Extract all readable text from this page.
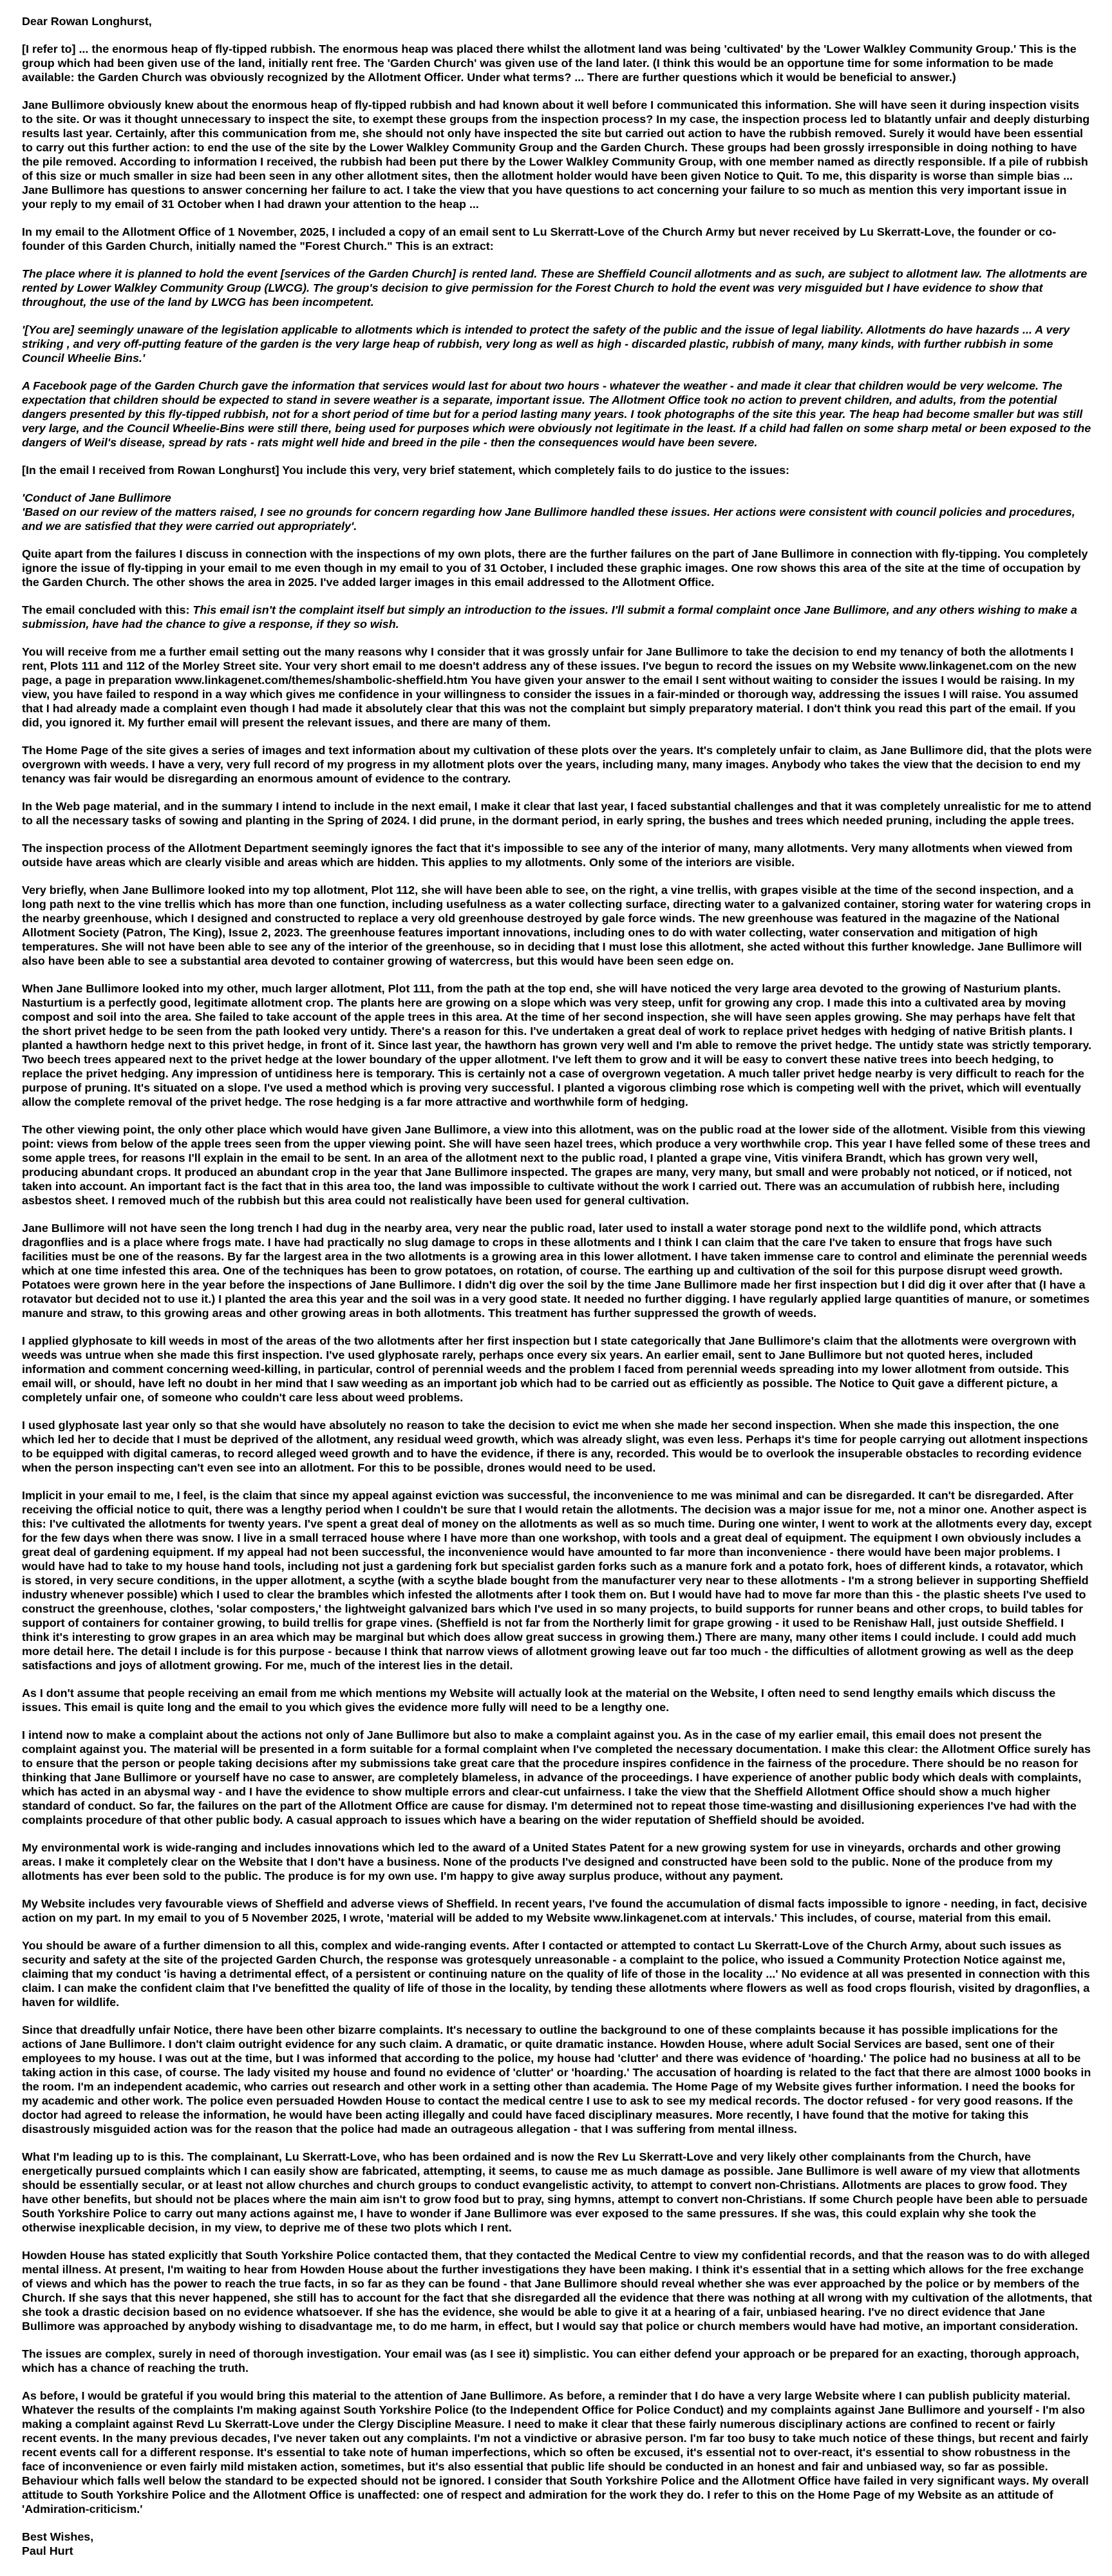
Dear Rowan Longhurst,

[I refer to] ... the enormous heap of fly-tipped rubbish. The enormous heap was placed there whilst the allotment land was being 'cultivated' by the 'Lower Walkley Community Group.' This is the group which had been given use of the land, initially rent free. The 'Garden Church' was given use of the land later. (I think this would be an opportune time for some information to be made available: the Garden Church was obviously recognized by the Allotment Officer. Under what terms? ... There are further questions which it would be beneficial to answer.)

Jane Bullimore obviously knew about the enormous heap of fly-tipped rubbish and had known about it well before I communicated this information. She will have seen it during inspection visits to the site. Or was it thought unnecessary to inspect the site, to exempt these groups from the inspection process? In my case, the inspection process led to blatantly unfair and deeply disturbing results last year. Certainly, after this communication from me, she should not only have inspected the site but carried out action to have the rubbish removed. Surely it would have been essential to carry out this further action: to end the use of the site by the Lower Walkley Community Group and the Garden Church. These groups had been grossly irresponsible in doing nothing to have the pile removed. According to information I received, the rubbish had been put there by the Lower Walkley Community Group, with one member named as directly responsible. If a pile of rubbish of this size or much smaller in size had been seen in any other allotment sites, then the allotment holder would have been given Notice to Quit. To me, this disparity is worse than simple bias ... Jane Bullimore has questions to answer concerning her failure to act. I take the view that you have questions to act concerning your failure to so much as mention this very important issue in your reply to my email of 31 October when I had drawn your attention to the heap ...

In my email to the Allotment Office of 1 November, 2025, I included a copy of an email sent to Lu Skerratt-Love of the Church Army but never received by Lu Skerratt-Love, the founder or co-founder of this Garden Church, initially named the "Forest Church." This is an extract:

The place where it is planned to hold the event [services of the Garden Church] is rented land. These are Sheffield Council allotments and as such, are subject to allotment law. The allotments are rented by Lower Walkley Community Group (LWCG). The group's decision to give permission for the Forest Church to hold the event was very misguided but I have evidence to show that throughout, the use of the land by LWCG has been incompetent.

'[You are] seemingly unaware of the legislation applicable to allotments which is intended to protect the safety of the public and the issue of legal liability. Allotments do have hazards ... A very striking , and very off-putting feature of the garden is the very large heap of rubbish, very long as well as high - discarded plastic, rubbish of many, many kinds, with further rubbish in some Council Wheelie Bins.'

A Facebook page of the Garden Church gave the information that services would last for about two hours - whatever the weather - and made it clear that children would be very welcome. The expectation that children should be expected to stand in severe weather is a separate, important issue. The Allotment Office took no action to prevent children, and adults, from the potential dangers presented by this fly-tipped rubbish, not for a short period of time but for a period lasting many years. I took photographs of the site this year. The heap had become smaller but was still very large, and the Council Wheelie-Bins were still there, being used for purposes which were obviously not legitimate in the least. If a child had fallen on some sharp metal or been exposed to the dangers of Weil's disease, spread by rats - rats might well hide and breed in the pile - then the consequences would have been severe.

[In the email I received from Rowan Longhurst] You include this very, very brief statement, which completely fails to do justice to the issues:

'Conduct of Jane Bullimore

'Based on our review of the matters raised, I see no grounds for concern regarding how Jane Bullimore handled these issues. Her actions were consistent with council policies and procedures, and we are satisfied that they were carried out appropriately'.

Quite apart from the failures I discuss in connection with the inspections of my own plots, there are the further failures on the part of Jane Bullimore in connection with fly-tipping. You completely ignore the issue of fly-tipping in your email to me even though in my email to you of 31 October, I included these graphic images. One row shows this area of the site at the time of occupation by the Garden Church. The other shows the area in 2025. I've added larger images in this email addressed to the Allotment Office.

The email concluded with this: This email isn't the complaint itself but simply an introduction to the issues. I'll submit a formal complaint once Jane Bullimore, and any others wishing to make a submission, have had the chance to give a response, if they so wish.

You will receive from me a further email setting out the many reasons why I consider that it was grossly unfair for Jane Bullimore to take the decision to end my tenancy of both the allotments I rent, Plots 111 and 112 of the Morley Street site. Your very short email to me doesn't address any of these issues. I've begun to record the issues on my Website www.linkagenet.com on the new page, a page in preparation www.linkagenet.com/themes/shambolic-sheffield.htm You have given your answer to the email I sent without waiting to consider the issues I would be raising. In my view, you have failed to respond in a way which gives me confidence in your willingness to consider the issues in a fair-minded or thorough way, addressing the issues I will raise. You assumed that I had already made a complaint even though I had made it absolutely clear that this was not the complaint but simply preparatory material. I don't think you read this part of the email. If you did, you ignored it. My further email will present the relevant issues, and there are many of them.

The Home Page of the site gives a series of images and text information about my cultivation of these plots over the years. It's completely unfair to claim, as Jane Bullimore did, that the plots were overgrown with weeds. I have a very, very full record of my progress in my allotment plots over the years, including many, many images. Anybody who takes the view that the decision to end my tenancy was fair would be disregarding an enormous amount of evidence to the contrary.

In the Web page material, and in the summary I intend to include in the next email, I make it clear that last year, I faced substantial challenges and that it was completely unrealistic for me to attend to all the necessary tasks of sowing and planting in the Spring of 2024. I did prune, in the dormant period, in early spring, the bushes and trees which needed pruning, including the apple trees.

The inspection process of the Allotment Department seemingly ignores the fact that it's impossible to see any of the interior of many, many allotments. Very many allotments when viewed from outside have areas which are clearly visible and areas which are hidden. This applies to my allotments. Only some of the interiors are visible.

Very briefly, when Jane Bullimore looked into my top allotment, Plot 112, she will have been able to see, on the right, a vine trellis, with grapes visible at the time of the second inspection, and a long path next to the vine trellis which has more than one function, including usefulness as a water collecting surface, directing water to a galvanized container, storing water for watering crops in the nearby greenhouse, which I designed and constructed to replace a very old greenhouse destroyed by gale force winds. The new greenhouse was featured in the magazine of the National Allotment Society (Patron, The King), Issue 2, 2023. The greenhouse features important innovations, including ones to do with water collecting, water conservation and mitigation of high temperatures. She will not have been able to see any of the interior of the greenhouse, so in deciding that I must lose this allotment, she acted without this further knowledge. Jane Bullimore will also have been able to see a substantial area devoted to container growing of watercress, but this would have been seen edge on.

When Jane Bullimore looked into my other, much larger allotment, Plot 111, from the path at the top end, she will have noticed the very large area devoted to the growing of Nasturium plants. Nasturtium is a perfectly good, legitimate allotment crop. The plants here are growing on a slope which was very steep, unfit for growing any crop. I made this into a cultivated area by moving compost and soil into the area. She failed to take account of the apple trees in this area. At the time of her second inspection, she will have seen apples growing. She may perhaps have felt that the short privet hedge to be seen from the path looked very untidy. There's a reason for this. I've undertaken a great deal of work to replace privet hedges with hedging of native British plants. I planted a hawthorn hedge next to this privet hedge, in front of it. Since last year, the hawthorn has grown very well and I'm able to remove the privet hedge. The untidy state was strictly temporary. Two beech trees appeared next to the privet hedge at the lower boundary of the upper allotment. I've left them to grow and it will be easy to convert these native trees into beech hedging, to replace the privet hedging. Any impression of untidiness here is temporary. This is certainly not a case of overgrown vegetation. A much taller privet hedge nearby is very difficult to reach for the purpose of pruning. It's situated on a slope. I've used a method which is proving very successful. I planted a vigorous climbing rose which is competing well with the privet, which will eventually allow the complete removal of the privet hedge. The rose hedging is a far more attractive and worthwhile form of hedging.

The other viewing point, the only other place which would have given Jane Bullimore, a view into this allotment, was on the public road at the lower side of the allotment. Visible from this viewing point: views from below of the apple trees seen from the upper viewing point. She will have seen hazel trees, which produce a very worthwhile crop. This year I have felled some of these trees and some apple trees, for reasons I'll explain in the email to be sent. In an area of the allotment next to the public road, I planted a grape vine, Vitis vinifera Brandt, which has grown very well, producing abundant crops. It produced an abundant crop in the year that Jane Bullimore inspected. The grapes are many, very many, but small and were probably not noticed, or if noticed, not taken into account. An important fact is the fact that in this area too, the land was impossible to cultivate without the work I carried out. There was an accumulation of rubbish here, including asbestos sheet. I removed much of the rubbish but this area could not realistically have been used for general cultivation.

Jane Bullimore will not have seen the long trench I had dug in the nearby area, very near the public road, later used to install a water storage pond next to the wildlife pond, which attracts dragonflies and is a place where frogs mate. I have had practically no slug damage to crops in these allotments and I think I can claim that the care I've taken to ensure that frogs have such facilities must be one of the reasons. By far the largest area in the two allotments is a growing area in this lower allotment. I have taken immense care to control and eliminate the perennial weeds which at one time infested this area. One of the techniques has been to grow potatoes, on rotation, of course. The earthing up and cultivation of the soil for this purpose disrupt weed growth. Potatoes were grown here in the year before the inspections of Jane Bullimore. I didn't dig over the soil by the time Jane Bullimore made her first inspection but I did dig it over after that (I have a rotavator but decided not to use it.) I planted the area this year and the soil was in a very good state. It needed no further digging. I have regularly applied large quantities of manure, or sometimes manure and straw, to this growing areas and other growing areas in both allotments. This treatment has further suppressed the growth of weeds.

I applied glyphosate to kill weeds in most of the areas of the two allotments after her first inspection but I state categorically that Jane Bullimore's claim that the allotments were overgrown with weeds was untrue when she made this first inspection. I've used glyphosate rarely, perhaps once every six years. An earlier email, sent to Jane Bullimore but not quoted heres, included information and comment concerning weed-killing, in particular, control of perennial weeds and the problem I faced from perennial weeds spreading into my lower allotment from outside. This email will, or should, have left no doubt in her mind that I saw weeding as an important job which had to be carried out as efficiently as possible. The Notice to Quit gave a different picture, a completely unfair one, of someone who couldn't care less about weed problems.

I used glyphosate last year only so that she would have absolutely no reason to take the decision to evict me when she made her second inspection. When she made this inspection, the one which led her to decide that I must be deprived of the allotment, any residual weed growth, which was already slight, was even less. Perhaps it's time for people carrying out allotment inspections to be equipped with digital cameras, to record alleged weed growth and to have the evidence, if there is any, recorded. This would be to overlook the insuperable obstacles to recording evidence when the person inspecting can't even see into an allotment. For this to be possible, drones would need to be used.

Implicit in your email to me, I feel, is the claim that since my appeal against eviction was successful, the inconvenience to me was minimal and can be disregarded. It can't be disregarded. After receiving the official notice to quit, there was a lengthy period when I couldn't be sure that I would retain the allotments. The decision was a major issue for me, not a minor one. Another aspect is this: I've cultivated the allotments for twenty years. I've spent a great deal of money on the allotments as well as so much time. During one winter, I went to work at the allotments every day, except for the few days when there was snow. I live in a small terraced house where I have more than one workshop, with tools and a great deal of equipment. The equipment I own obviously includes a great deal of gardening equipment. If my appeal had not been successful, the inconvenience would have amounted to far more than inconvenience - there would have been major problems. I would have had to take to my house hand tools, including not just a gardening fork but specialist garden forks such as a manure fork and a potato fork, hoes of different kinds, a rotavator, which is stored, in very secure conditions, in the upper allotment, a scythe (with a scythe blade bought from the manufacturer very near to these allotments - I'm a strong believer in supporting Sheffield industry whenever possible) which I used to clear the brambles which infested the allotments after I took them on. But I would have had to move far more than this - the plastic sheets I've used to construct the greenhouse, clothes, 'solar composters,' the lightweight galvanized bars which I've used in so many projects, to build supports for runner beans and other crops, to build tables for support of containers for container growing, to build trellis for grape vines. (Sheffield is not far from the Northerly limit for grape growing - it used to be Renishaw Hall, just outside Sheffield. I think it's interesting to grow grapes in an area which may be marginal but which does allow great success in growing them.) There are many, many other items I could include. I could add much more detail here. The detail I include is for this purpose - because I think that narrow views of allotment growing leave out far too much - the difficulties of allotment growing as well as the deep satisfactions and joys of allotment growing. For me, much of the interest lies in the detail.

As I don't assume that people receiving an email from me which mentions my Website will actually look at the material on the Website, I often need to send lengthy emails which discuss the issues. This email is quite long and the email to you which gives the evidence more fully will need to be a lengthy one.

I intend now to make a complaint about the actions not only of Jane Bullimore but also to make a complaint against you. As in the case of my earlier email, this email does not present the complaint against you. The material will be presented in a form suitable for a formal complaint when I've completed the necessary documentation. I make this clear: the Allotment Office surely has to ensure that the person or people taking decisions after my submissions take great care that the procedure inspires confidence in the fairness of the procedure. There should be no reason for thinking that Jane Bullimore or yourself have no case to answer, are completely blameless, in advance of the proceedings. I have experience of another public body which deals with complaints, which has acted in an abysmal way - and I have the evidence to show multiple errors and clear-cut unfairness. I take the view that the Sheffield Allotment Office should show a much higher standard of conduct. So far, the failures on the part of the Allotment Office are cause for dismay. I'm determined not to repeat those time-wasting and disillusioning experiences I've had with the complaints procedure of that other public body. A casual approach to issues which have a bearing on the wider reputation of Sheffield should be avoided.

My environmental work is wide-ranging and includes innovations which led to the award of a United States Patent for a new growing system for use in vineyards, orchards and other growing areas. I make it completely clear on the Website that I don't have a business. None of the products I've designed and constructed have been sold to the public. None of the produce from my allotments has ever been sold to the public. The produce is for my own use. I'm happy to give away surplus produce, without any payment.

My Website includes very favourable views of Sheffield and adverse views of Sheffield. In recent years, I've found the accumulation of dismal facts impossible to ignore - needing, in fact, decisive action on my part. In my email to you of 5 November 2025, I wrote, 'material will be added to my Website www.linkagenet.com at intervals.' This includes, of course, material from this email.

You should be aware of a further dimension to all this, complex and wide-ranging events. After I contacted or attempted to contact Lu Skerratt-Love of the Church Army, about such issues as security and safety at the site of the projected Garden Church, the response was grotesquely unreasonable - a complaint to the police, who issued a Community Protection Notice against me, claiming that my conduct 'is having a detrimental effect, of a persistent or continuing nature on the quality of life of those in the locality ...' No evidence at all was presented in connection with this claim. I can make the confident claim that I've benefitted the quality of life of those in the locality, by tending these allotments where flowers as well as food crops flourish, visited by dragonflies, a haven for wildlife.

Since that dreadfully unfair Notice, there have been other bizarre complaints. It's necessary to outline the background to one of these complaints because it has possible implications for the actions of Jane Bullimore. I don't claim outright evidence for any such claim. A dramatic, or quite dramatic instance. Howden House, where adult Social Services are based, sent one of their employees to my house. I was out at the time, but I was informed that according to the police, my house had 'clutter' and there was evidence of 'hoarding.' The police had no business at all to be taking action in this case, of course. The lady visited my house and found no evidence of 'clutter' or 'hoarding.' The accusation of hoarding is related to the fact that there are almost 1000 books in the room. I'm an independent academic, who carries out research and other work in a setting other than academia. The Home Page of my Website gives further information. I need the books for my academic and other work. The police even persuaded Howden House to contact the medical centre I use to ask to see my medical records. The doctor refused - for very good reasons. If the doctor had agreed to release the information, he would have been acting illegally and could have faced disciplinary measures. More recently, I have found that the motive for taking this disastrously misguided action was for the reason that the police had made an outrageous allegation - that I was suffering from mental illness.

What I'm leading up to is this. The complainant, Lu Skerratt-Love, who has been ordained and is now the Rev Lu Skerratt-Love and very likely other complainants from the Church, have energetically pursued complaints which I can easily show are fabricated, attempting, it seems, to cause me as much damage as possible. Jane Bullimore is well aware of my view that allotments should be essentially secular, or at least not allow churches and church groups to conduct evangelistic activity, to attempt to convert non-Christians. Allotments are places to grow food. They have other benefits, but should not be places where the main aim isn't to grow food but to pray, sing hymns, attempt to convert non-Christians. If some Church people have been able to persuade South Yorkshire Police to carry out many actions against me, I have to wonder if Jane Bullimore was ever exposed to the same pressures. If she was, this could explain why she took the otherwise inexplicable decision, in my view, to deprive me of these two plots which I rent.

Howden House has stated explicitly that South Yorkshire Police contacted them, that they contacted the Medical Centre to view my confidential records, and that the reason was to do with alleged mental illness. At present, I'm waiting to hear from Howden House about the further investigations they have been making. I think it's essential that in a setting which allows for the free exchange of views and which has the power to reach the true facts, in so far as they can be found - that Jane Bullimore should reveal whether she was ever approached by the police or by members of the Church. If she says that this never happened, she still has to account for the fact that she disregarded all the evidence that there was nothing at all wrong with my cultivation of the allotments, that she took a drastic decision based on no evidence whatsoever. If she has the evidence, she would be able to give it at a hearing of a fair, unbiased hearing. I've no direct evidence that Jane Bullimore was approached by anybody wishing to disadvantage me, to do me harm, in effect, but I would say that police or church members would have had motive, an important consideration.

The issues are complex, surely in need of thorough investigation. Your email was (as I see it) simplistic. You can either defend your approach or be prepared for an exacting, thorough approach, which has a chance of reaching the truth.

As before, I would be grateful if you would bring this material to the attention of Jane Bullimore. As before, a reminder that I do have a very large Website where I can publish publicity material. Whatever the results of the complaints I'm making against South Yorkshire Police (to the Independent Office for Police Conduct) and my complaints against Jane Bullimore and yourself - I'm also making a complaint against Revd Lu Skerratt-Love under the Clergy Discipline Measure. I need to make it clear that these fairly numerous disciplinary actions are confined to recent or fairly recent events. In the many previous decades, I've never taken out any complaints. I'm not a vindictive or abrasive person. I'm far too busy to take much notice of these things, but recent and fairly recent events call for a different response. It's essential to take note of human imperfections, which so often be excused, it's essential not to over-react, it's essential to show robustness in the face of inconvenience or even fairly mild mistaken action, sometimes, but it's also essential that public life should be conducted in an honest and fair and unbiased way, so far as possible. Behaviour which falls well below the standard to be expected should not be ignored. I consider that South Yorkshire Police and the Allotment Office have failed in very significant ways. My overall attitude to South Yorkshire Police and the Allotment Office is unaffected: one of respect and admiration for the work they do. I refer to this on the Home Page of my Website as an attitude of 'Admiration-criticism.'

Best Wishes,
Paul Hurt
